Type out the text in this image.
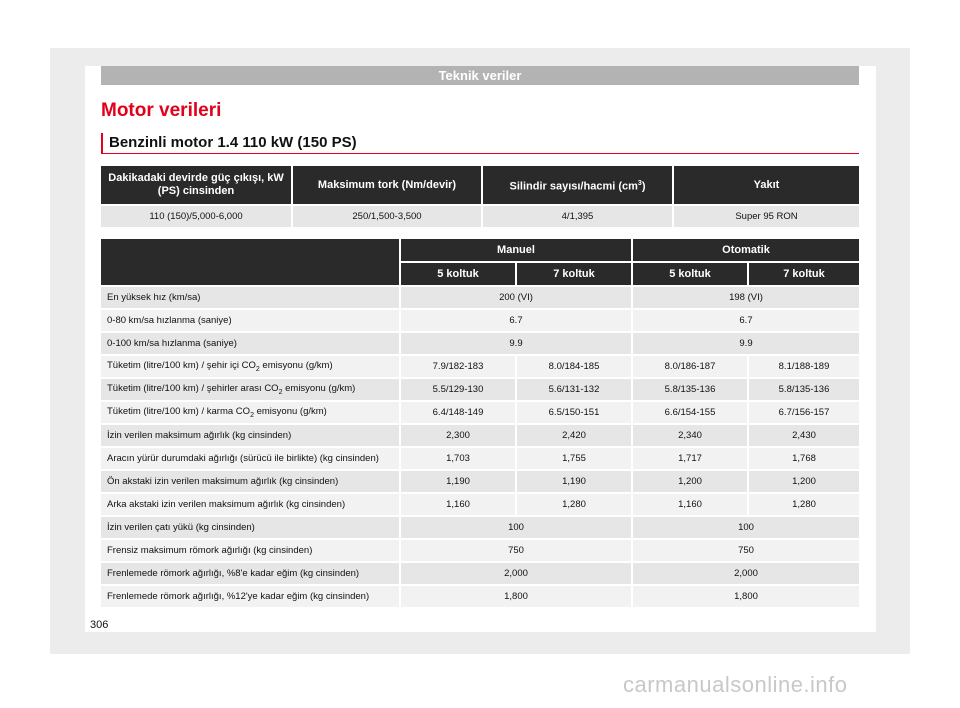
Teknik veriler
Motor verileri
Benzinli motor 1.4 110 kW (150 PS)
Dakikadaki devirde güç çıkışı, kW (PS) cinsinden	Maksimum tork (Nm/devir)	Silindir sayısı/hacmi $(cm^3)$	Yakıt
110 (150)/5,000-6,000	250/1,500-3,500	4/1,395	Super 95 RON
	Manuel		Otomatik	
	5 koltuk	7 koltuk	5 koltuk	7 koltuk
En yüksek hız (km/sa)	200 (VI)		198 (VI)	
0-80 km/sa hızlanma (saniye)	6.7		6.7	
0-100 km/sa hızlanma (saniye)	9.9		9.9	
Tüketim (litre/100 km) / şehir içi $CO_2$ emisyonu (g/km)	7.9/182-183	8.0/184-185	8.0/186-187	8.1/188-189
Tüketim (litre/100 km) / şehirler arası $CO_2$ emisyonu (g/km)	5.5/129-130	5.6/131-132	5.8/135-136	5.8/135-136
Tüketim (litre/100 km) / karma $CO_2$ emisyonu (g/km)	6.4/148-149	6.5/150-151	6.6/154-155	6.7/156-157
İzin verilen maksimum ağırlık (kg cinsinden)	2,300	2,420	2,340	2,430
Aracın yürür durumdaki ağırlığı (sürücü ile birlikte) (kg cinsinden)	1,703	1,755	1,717	1,768
Ön akstaki izin verilen maksimum ağırlık (kg cinsinden)	1,190	1,190	1,200	1,200
Arka akstaki izin verilen maksimum ağırlık (kg cinsinden)	1,160	1,280	1,160	1,280
İzin verilen çatı yükü (kg cinsinden)	100		100	
Frensiz maksimum römork ağırlığı (kg cinsinden)	750		750	
Frenlemede römork ağırlığı, %8'e kadar eğim (kg cinsinden)	2,000		2,000	
Frenlemede römork ağırlığı, %12'ye kadar eğim (kg cinsinden)	1,800		1,800	
306
carmanualsonline.info
